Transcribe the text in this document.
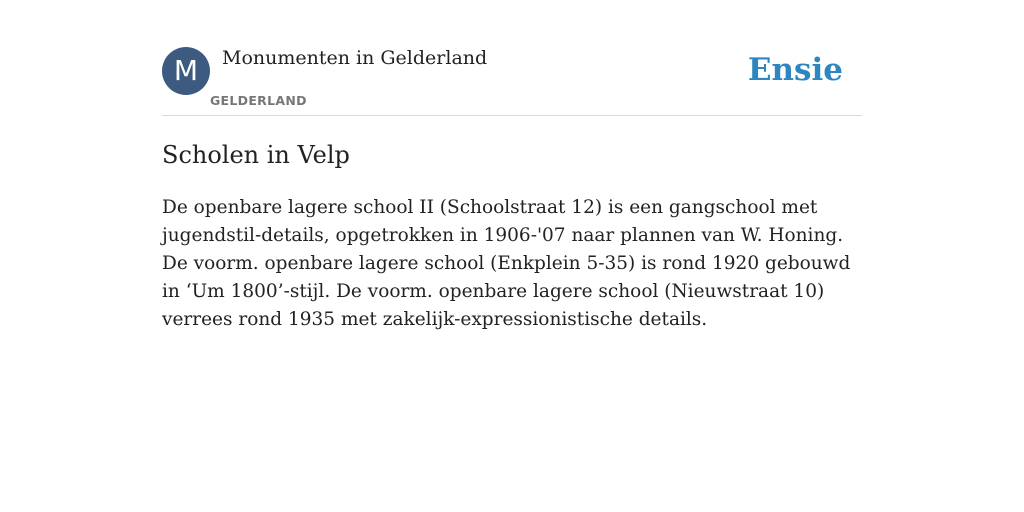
M	Monumenten in Gelderland
GELDERLAND
Ensie
Scholen in Velp

De openbare lagere school II (Schoolstraat 12) is een gangschool met jugendstil-details, opgetrokken in 1906-'07 naar plannen van W. Honing. De voorm. openbare lagere school (Enkplein 5-35) is rond 1920 gebouwd in ‘Um 1800’-stijl. De voorm. openbare lagere school (Nieuwstraat 10) verrees rond 1935 met zakelijk-expressionistische details.
